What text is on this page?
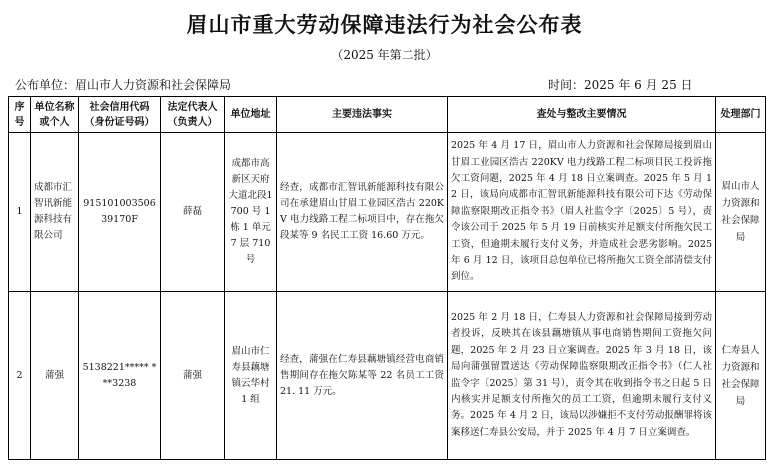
眉山市重大劳动保障违法行为社会公布表
（2025 年第二批）
公布单位：眉山市人力资源和社会保障局	时间：2025 年 6 月 25 日
序号	单位名称或个人	社会信用代码（身份证号码）	法定代表人（负责人）	单位地址	主要违法事实	查处与整改主要情况	处理部门
1	成都市汇智讯新能源科技有限公司	915101003506 39170F	薛磊	成都市高新区天府大道北段1700 号 1 栋 1 单元 7 层 710 号	经查，成都市汇智讯新能源科技有限公司在承建眉山甘眉工业园区浩古 220KV 电力线路工程二标项目中，存在拖欠段某等 9 名民工工资 16.60 万元。	2025 年 4 月 17 日，眉山市人力资源和社会保障局接到眉山甘眉工业园区浩古 220KV 电力线路工程二标项目民工投诉拖欠工资问题，2025 年 4 月 18 日立案调查。2025 年 5 月 12 日，该局向成都市汇智讯新能源科技有限公司下达《劳动保障监察限期改正指令书》（眉人社监令字〔2025〕5 号），责令该公司于 2025 年 5 月 19 日前核实并足额支付所拖欠民工工资，但逾期未履行支付义务，并造成社会恶劣影响。2025 年 6 月 12 日，该项目总包单位已将所拖欠工资全部清偿支付到位。	眉山市人力资源和社会保障局
2	蒲强	5138221***** ***3238	蒲强	眉山市仁寿县藕塘镇云华村 1 组	经查，蒲强在仁寿县藕塘镇经营电商销售期间存在拖欠陈某等 22 名员工工资 21. 11 万元。	2025 年 2 月 18 日，仁寿县人力资源和社会保障局接到劳动者投诉，反映其在该县藕塘镇从事电商销售期间工资拖欠问题，2025 年 2 月 23 日立案调查。2025 年 3 月 18 日，该局向蒲强留置送达《劳动保障监察限期改正指令书》（仁人社监令字〔2025〕第 31 号），责令其在收到指令书之日起 5 日内核实并足额支付所拖欠的员工工资，但逾期未履行支付义务。2025 年 4 月 2 日，该局以涉嫌拒不支付劳动报酬罪将该案移送仁寿县公安局，并于 2025 年 4 月 7 日立案调查。	仁寿县人力资源和社会保障局
